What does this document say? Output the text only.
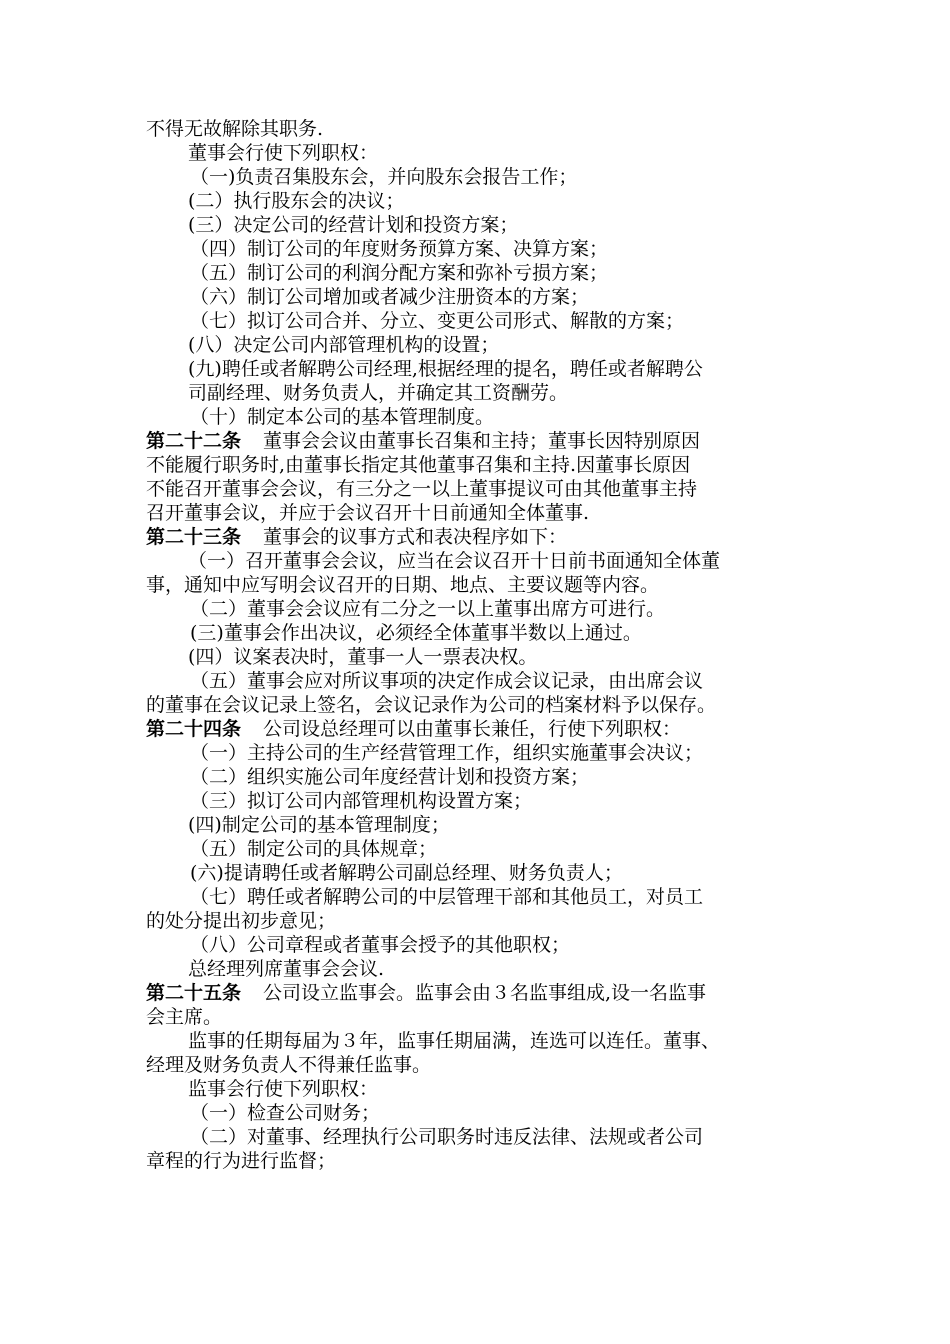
不得无故解除其职务.
董事会行使下列职权：
（一)负责召集股东会，并向股东会报告工作；
(二）执行股东会的决议；
(三）决定公司的经营计划和投资方案；
（四）制订公司的年度财务预算方案、决算方案；
（五）制订公司的利润分配方案和弥补亏损方案；
（六）制订公司增加或者减少注册资本的方案；
（七）拟订公司合并、分立、变更公司形式、解散的方案；
(八）决定公司内部管理机构的设置；
(九)聘任或者解聘公司经理,根据经理的提名，聘任或者解聘公
司副经理、财务负责人，并确定其工资酬劳。
（十）制定本公司的基本管理制度。
第二十二条 董事会会议由董事长召集和主持；董事长因特别原因
不能履行职务时,由董事长指定其他董事召集和主持.因董事长原因
不能召开董事会会议，有三分之一以上董事提议可由其他董事主持
召开董事会议，并应于会议召开十日前通知全体董事.
第二十三条 董事会的议事方式和表决程序如下：
（一）召开董事会会议，应当在会议召开十日前书面通知全体董
事，通知中应写明会议召开的日期、地点、主要议题等内容。
（二）董事会会议应有二分之一以上董事出席方可进行。
(三)董事会作出决议，必须经全体董事半数以上通过。
(四）议案表决时，董事一人一票表决权。
（五）董事会应对所议事项的决定作成会议记录，由出席会议
的董事在会议记录上签名，会议记录作为公司的档案材料予以保存。
第二十四条 公司设总经理可以由董事长兼任，行使下列职权：
（一）主持公司的生产经营管理工作，组织实施董事会决议；
（二）组织实施公司年度经营计划和投资方案；
（三）拟订公司内部管理机构设置方案；
(四)制定公司的基本管理制度；
（五）制定公司的具体规章；
(六)提请聘任或者解聘公司副总经理、财务负责人；
（七）聘任或者解聘公司的中层管理干部和其他员工，对员工
的处分提出初步意见；
（八）公司章程或者董事会授予的其他职权；
总经理列席董事会会议.
第二十五条 公司设立监事会。监事会由３名监事组成,设一名监事
会主席。
监事的任期每届为３年，监事任期届满，连选可以连任。董事、
经理及财务负责人不得兼任监事。
监事会行使下列职权：
（一）检查公司财务；
（二）对董事、经理执行公司职务时违反法律、法规或者公司
章程的行为进行监督；
